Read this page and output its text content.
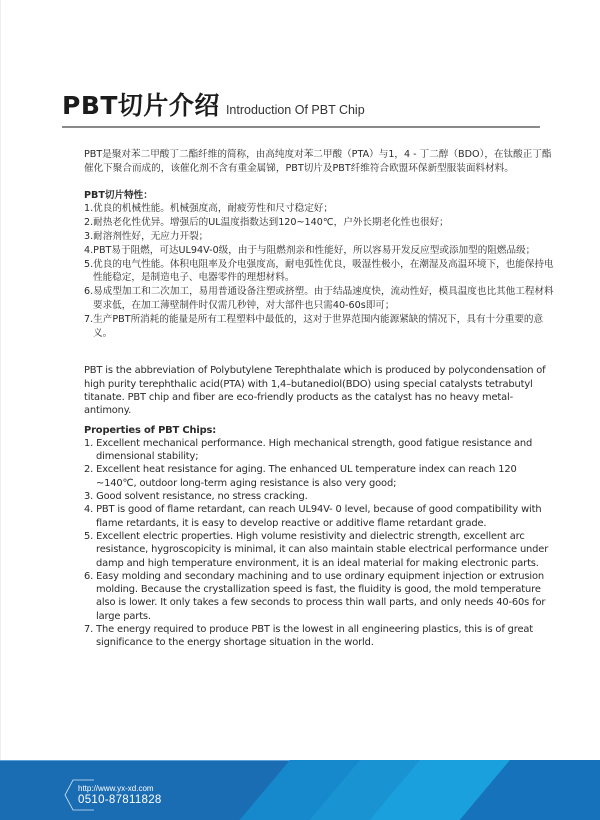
PBT切片介绍 Introduction Of PBT Chip

PBT是聚对苯二甲酸丁二酯纤维的简称，由高纯度对苯二甲酸（PTA）与1，4 - 丁二醇（BDO），在钛酸正丁酯催化下聚合而成的，该催化剂不含有重金属锑，PBT切片及PBT纤维符合欧盟环保新型服装面料材料。

PBT切片特性：

1.优良的机械性能。机械强度高，耐疲劳性和尺寸稳定好；
2.耐热老化性优异。增强后的UL温度指数达到120~140℃，户外长期老化性也很好；
3.耐溶剂性好，无应力开裂；
4.PBT易于阻燃，可达UL94V-0级，由于与阻燃剂亲和性能好，所以容易开发反应型或添加型的阻燃品级；
5.优良的电气性能。体积电阻率及介电强度高，耐电弧性优良，吸湿性极小，在潮湿及高温环境下，也能保持电性能稳定，是制造电子、电器零件的理想材料。
6.易成型加工和二次加工，易用普通设备注塑或挤塑。由于结晶速度快，流动性好，模具温度也比其他工程材料要求低，在加工薄壁制件时仅需几秒钟，对大部件也只需40-60s即可；
7.生产PBT所消耗的能量是所有工程塑料中最低的，这对于世界范围内能源紧缺的情况下，具有十分重要的意义。

PBT is the abbreviation of Polybutylene Terephthalate which is produced by polycondensation of high purity terephthalic acid(PTA) with 1,4–butanediol(BDO) using special catalysts tetrabutyl titanate. PBT chip and fiber are eco-friendly products as the catalyst has no heavy metal-antimony.

Properties of PBT Chips:

1. Excellent mechanical performance. High mechanical strength, good fatigue resistance and dimensional stability;
2. Excellent heat resistance for aging. The enhanced UL temperature index can reach 120 ~140℃, outdoor long-term aging resistance is also very good;
3. Good solvent resistance, no stress cracking.
4. PBT is good of flame retardant, can reach UL94V- 0 level, because of good compatibility with flame retardants, it is easy to develop reactive or additive flame retardant grade.
5. Excellent electric properties. High volume resistivity and dielectric strength, excellent arc resistance, hygroscopicity is minimal, it can also maintain stable electrical performance under damp and high temperature environment, it is an ideal material for making electronic parts.
6. Easy molding and secondary machining and to use ordinary equipment injection or extrusion molding. Because the crystallization speed is fast, the fluidity is good, the mold temperature also is lower. It only takes a few seconds to process thin wall parts, and only needs 40-60s for large parts.
7. The energy required to produce PBT is the lowest in all engineering plastics, this is of great significance to the energy shortage situation in the world.
http://www.yx-xd.com
0510-87811828
